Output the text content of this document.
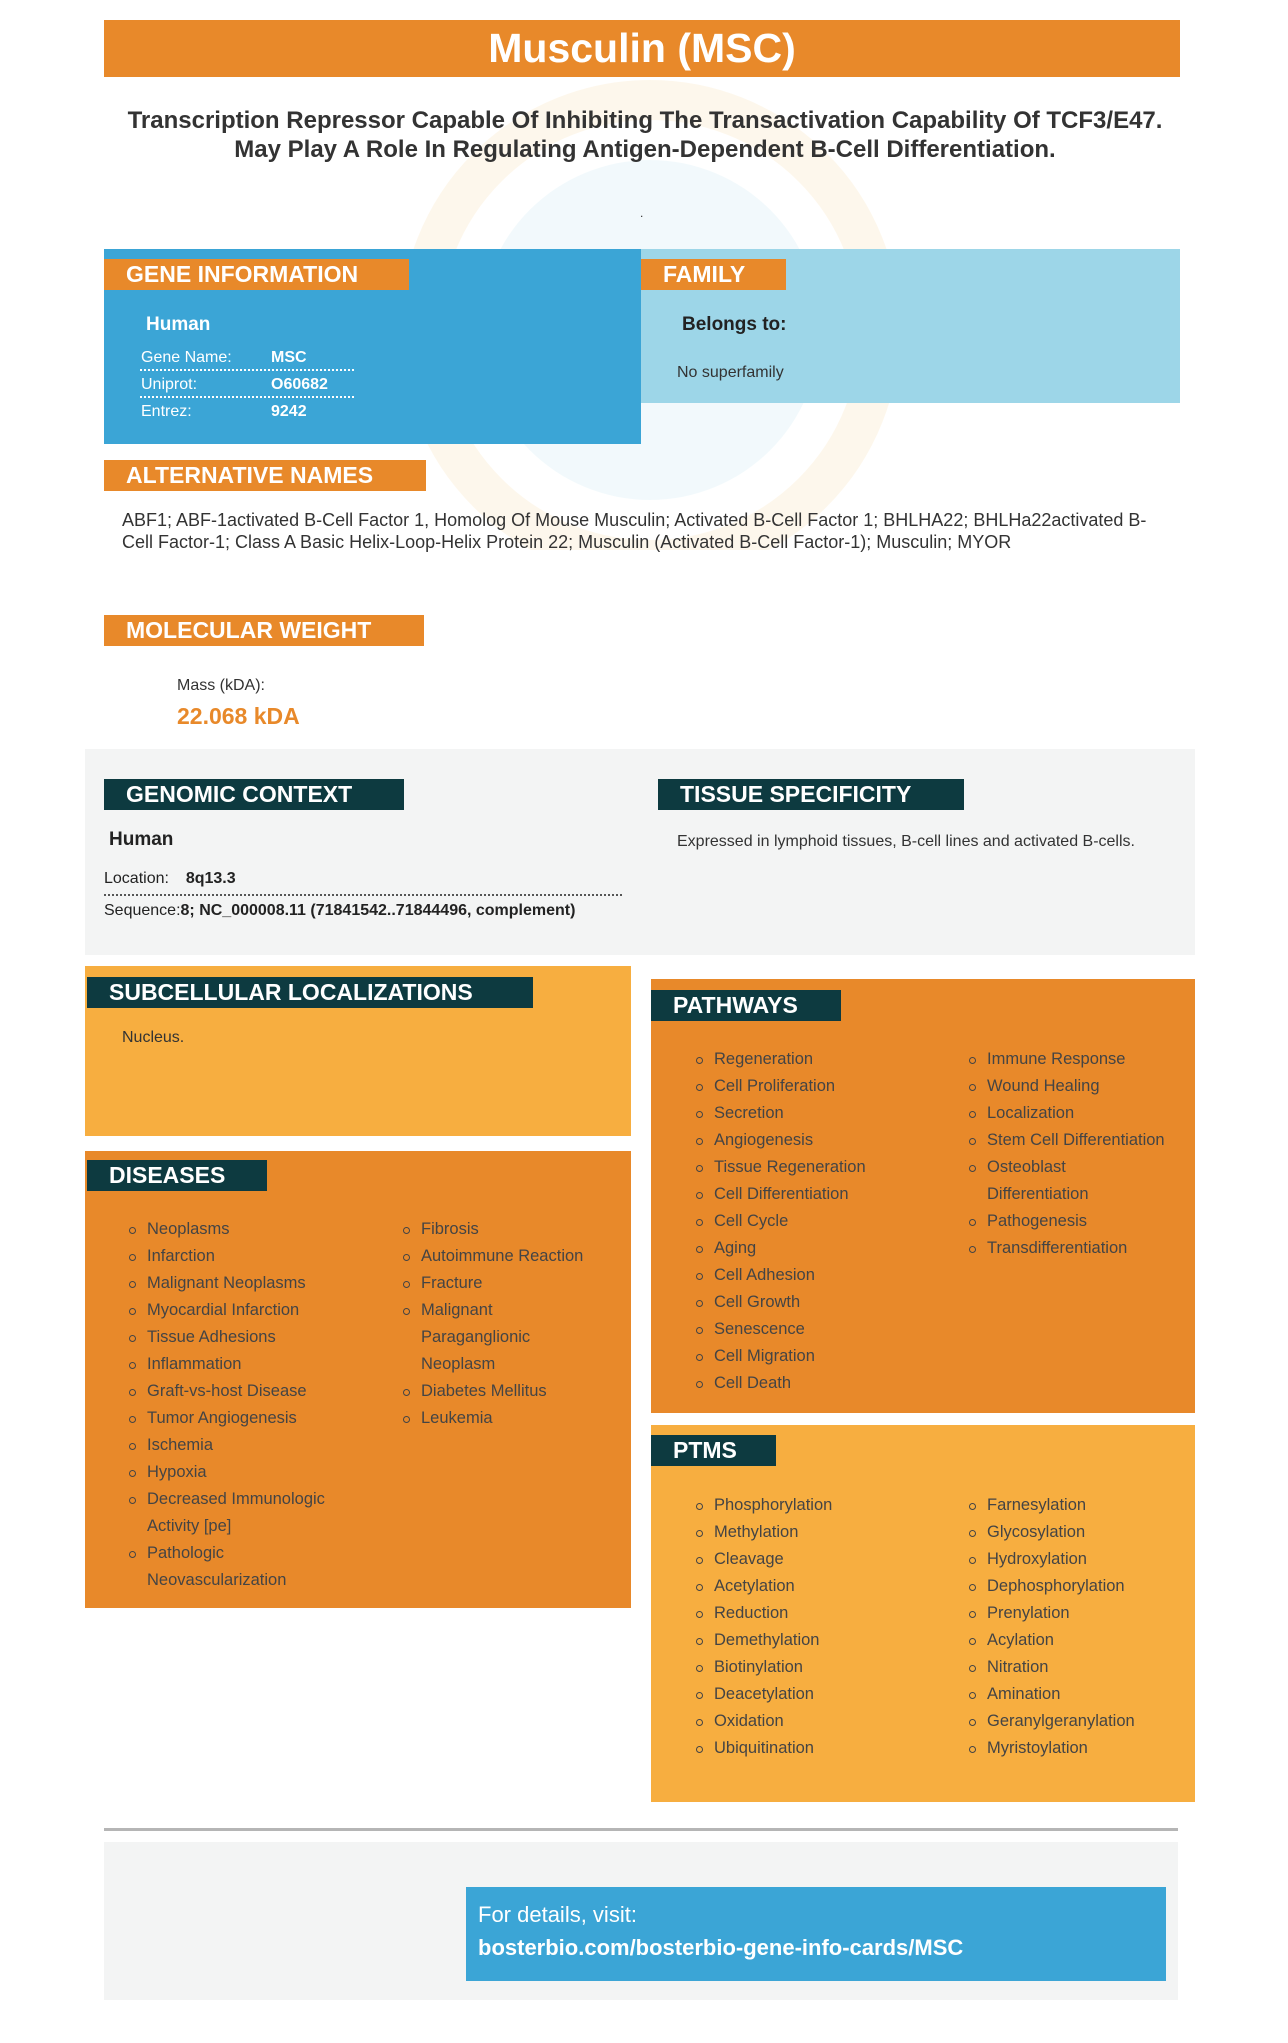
Musculin (MSC)
Transcription Repressor Capable Of Inhibiting The Transactivation Capability Of TCF3/E47. May Play A Role In Regulating Antigen-Dependent B-Cell Differentiation.
.
GENE INFORMATION
Human
Gene Name: MSC
Uniprot:	O60682
Entrez:	9242
FAMILY
Belongs to:
No superfamily
ALTERNATIVE NAMES
ABF1; ABF-1activated B-Cell Factor 1, Homolog Of Mouse Musculin; Activated B-Cell Factor 1; BHLHA22; BHLHa22activated B-Cell Factor-1; Class A Basic Helix-Loop-Helix Protein 22; Musculin (Activated B-Cell Factor-1); Musculin; MYOR
MOLECULAR WEIGHT
Mass (kDA):
22.068 kDA
GENOMIC CONTEXT
Human
Location: 8q13.3
Sequence:8; NC_000008.11 (71841542..71844496, complement)
TISSUE SPECIFICITY
Expressed in lymphoid tissues, B-cell lines and activated B-cells.
SUBCELLULAR LOCALIZATIONS
Nucleus.
DISEASES
Neoplasms
Infarction
Malignant Neoplasms
Myocardial Infarction
Tissue Adhesions
Inflammation
Graft-vs-host Disease
Tumor Angiogenesis
Ischemia
Hypoxia
Decreased Immunologic Activity [pe]
Pathologic Neovascularization
Fibrosis
Autoimmune Reaction
Fracture
Malignant Paraganglionic Neoplasm
Diabetes Mellitus
Leukemia
PATHWAYS
Regeneration
Cell Proliferation
Secretion
Angiogenesis
Tissue Regeneration
Cell Differentiation
Cell Cycle
Aging
Cell Adhesion
Cell Growth
Senescence
Cell Migration
Cell Death
Immune Response
Wound Healing
Localization
Stem Cell Differentiation
Osteoblast Differentiation
Pathogenesis
Transdifferentiation
PTMS
Phosphorylation
Methylation
Cleavage
Acetylation
Reduction
Demethylation
Biotinylation
Deacetylation
Oxidation
Ubiquitination
Farnesylation
Glycosylation
Hydroxylation
Dephosphorylation
Prenylation
Acylation
Nitration
Amination
Geranylgeranylation
Myristoylation
For details, visit:
bosterbio.com/bosterbio-gene-info-cards/MSC
